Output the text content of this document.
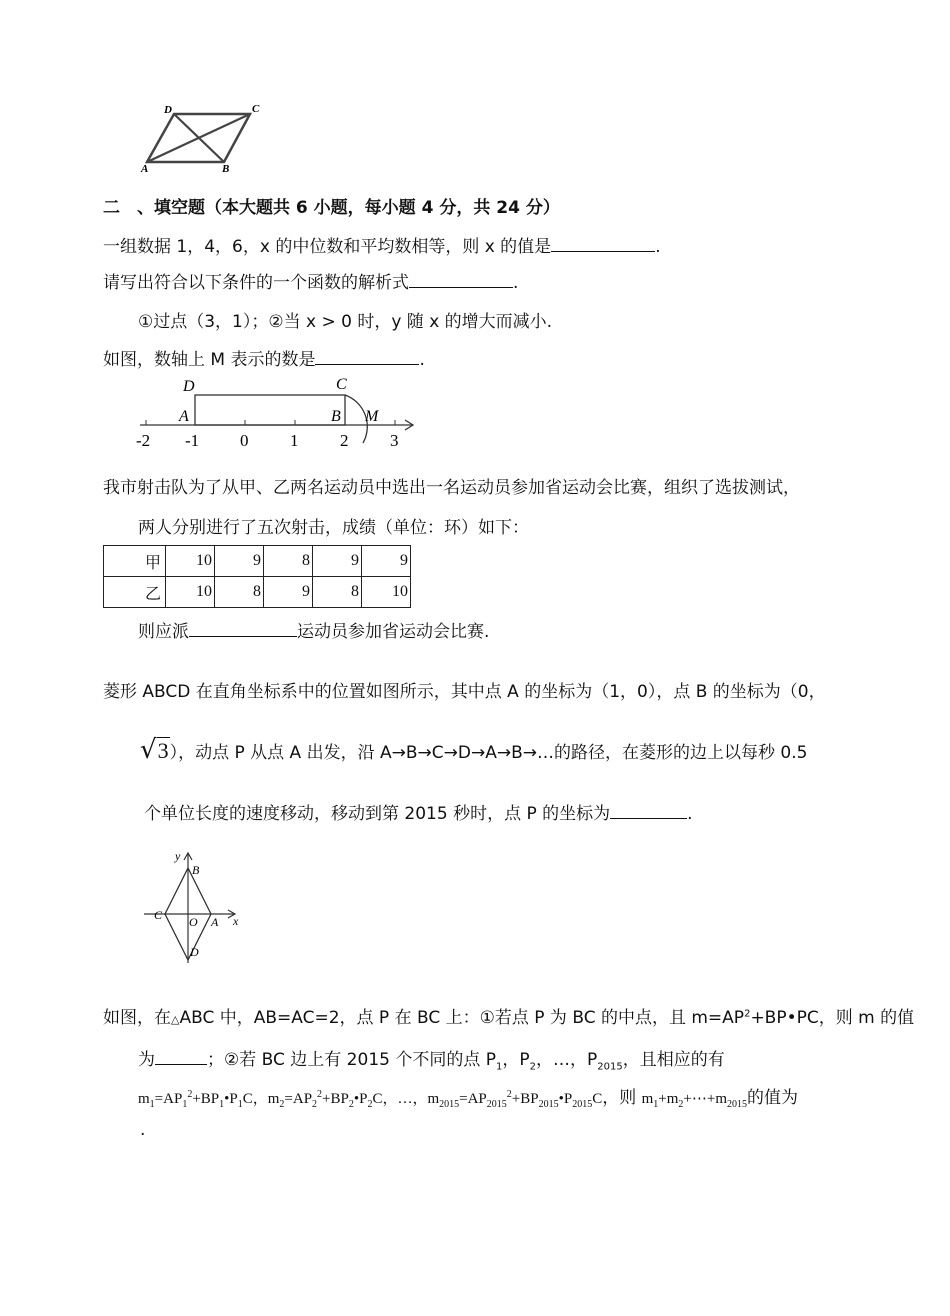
D	C
A	B
二　、填空题（本大题共 6 小题，每小题 4 分，共 24 分）
一组数据 1，4，6，x 的中位数和平均数相等，则 x 的值是	.
请写出符合以下条件的一个函数的解析式	.
①过点（3，1）；②当 x > 0 时，y 随 x 的增大而减小.
如图，数轴上 M 表示的数是	.
-2 -1 0 1 2 3
D	C
A	B M
我市射击队为了从甲、乙两名运动员中选出一名运动员参加省运动会比赛，组织了选拔测试，
两人分别进行了五次射击，成绩（单位：环）如下：
甲	10	9	8	9	9
乙	10	8	9	8	10
则应派	运动员参加省运动会比赛.
菱形 ABCD 在直角坐标系中的位置如图所示，其中点 A 的坐标为（1，0），点 B 的坐标为（0，
√3），动点 P 从点 A 出发，沿 A→B→C→D→A→B→…的路径，在菱形的边上以每秒 0.5
个单位长度的速度移动，移动到第 2015 秒时，点 P 的坐标为	.
y
x
B
C O A
D
如图，在△ABC 中，AB=AC=2，点 P 在 BC 上：①若点 P 为 BC 的中点，且 $m=AP^2+BP•PC$，则 m 的值
为	；②若 BC 边上有 2015 个不同的点 $P_1$，$P_2$，…，$P_{2015}$，且相应的有
$m_1=AP_1^2+BP_1•P_1C$，$m_2=AP_2^2+BP_2•P_2C$，…，$m_{2015}=AP_{2015}^2+BP_{2015}•P_{2015}C$，则 $m_1+m_2+\cdots+m_{2015}$的值为
.
